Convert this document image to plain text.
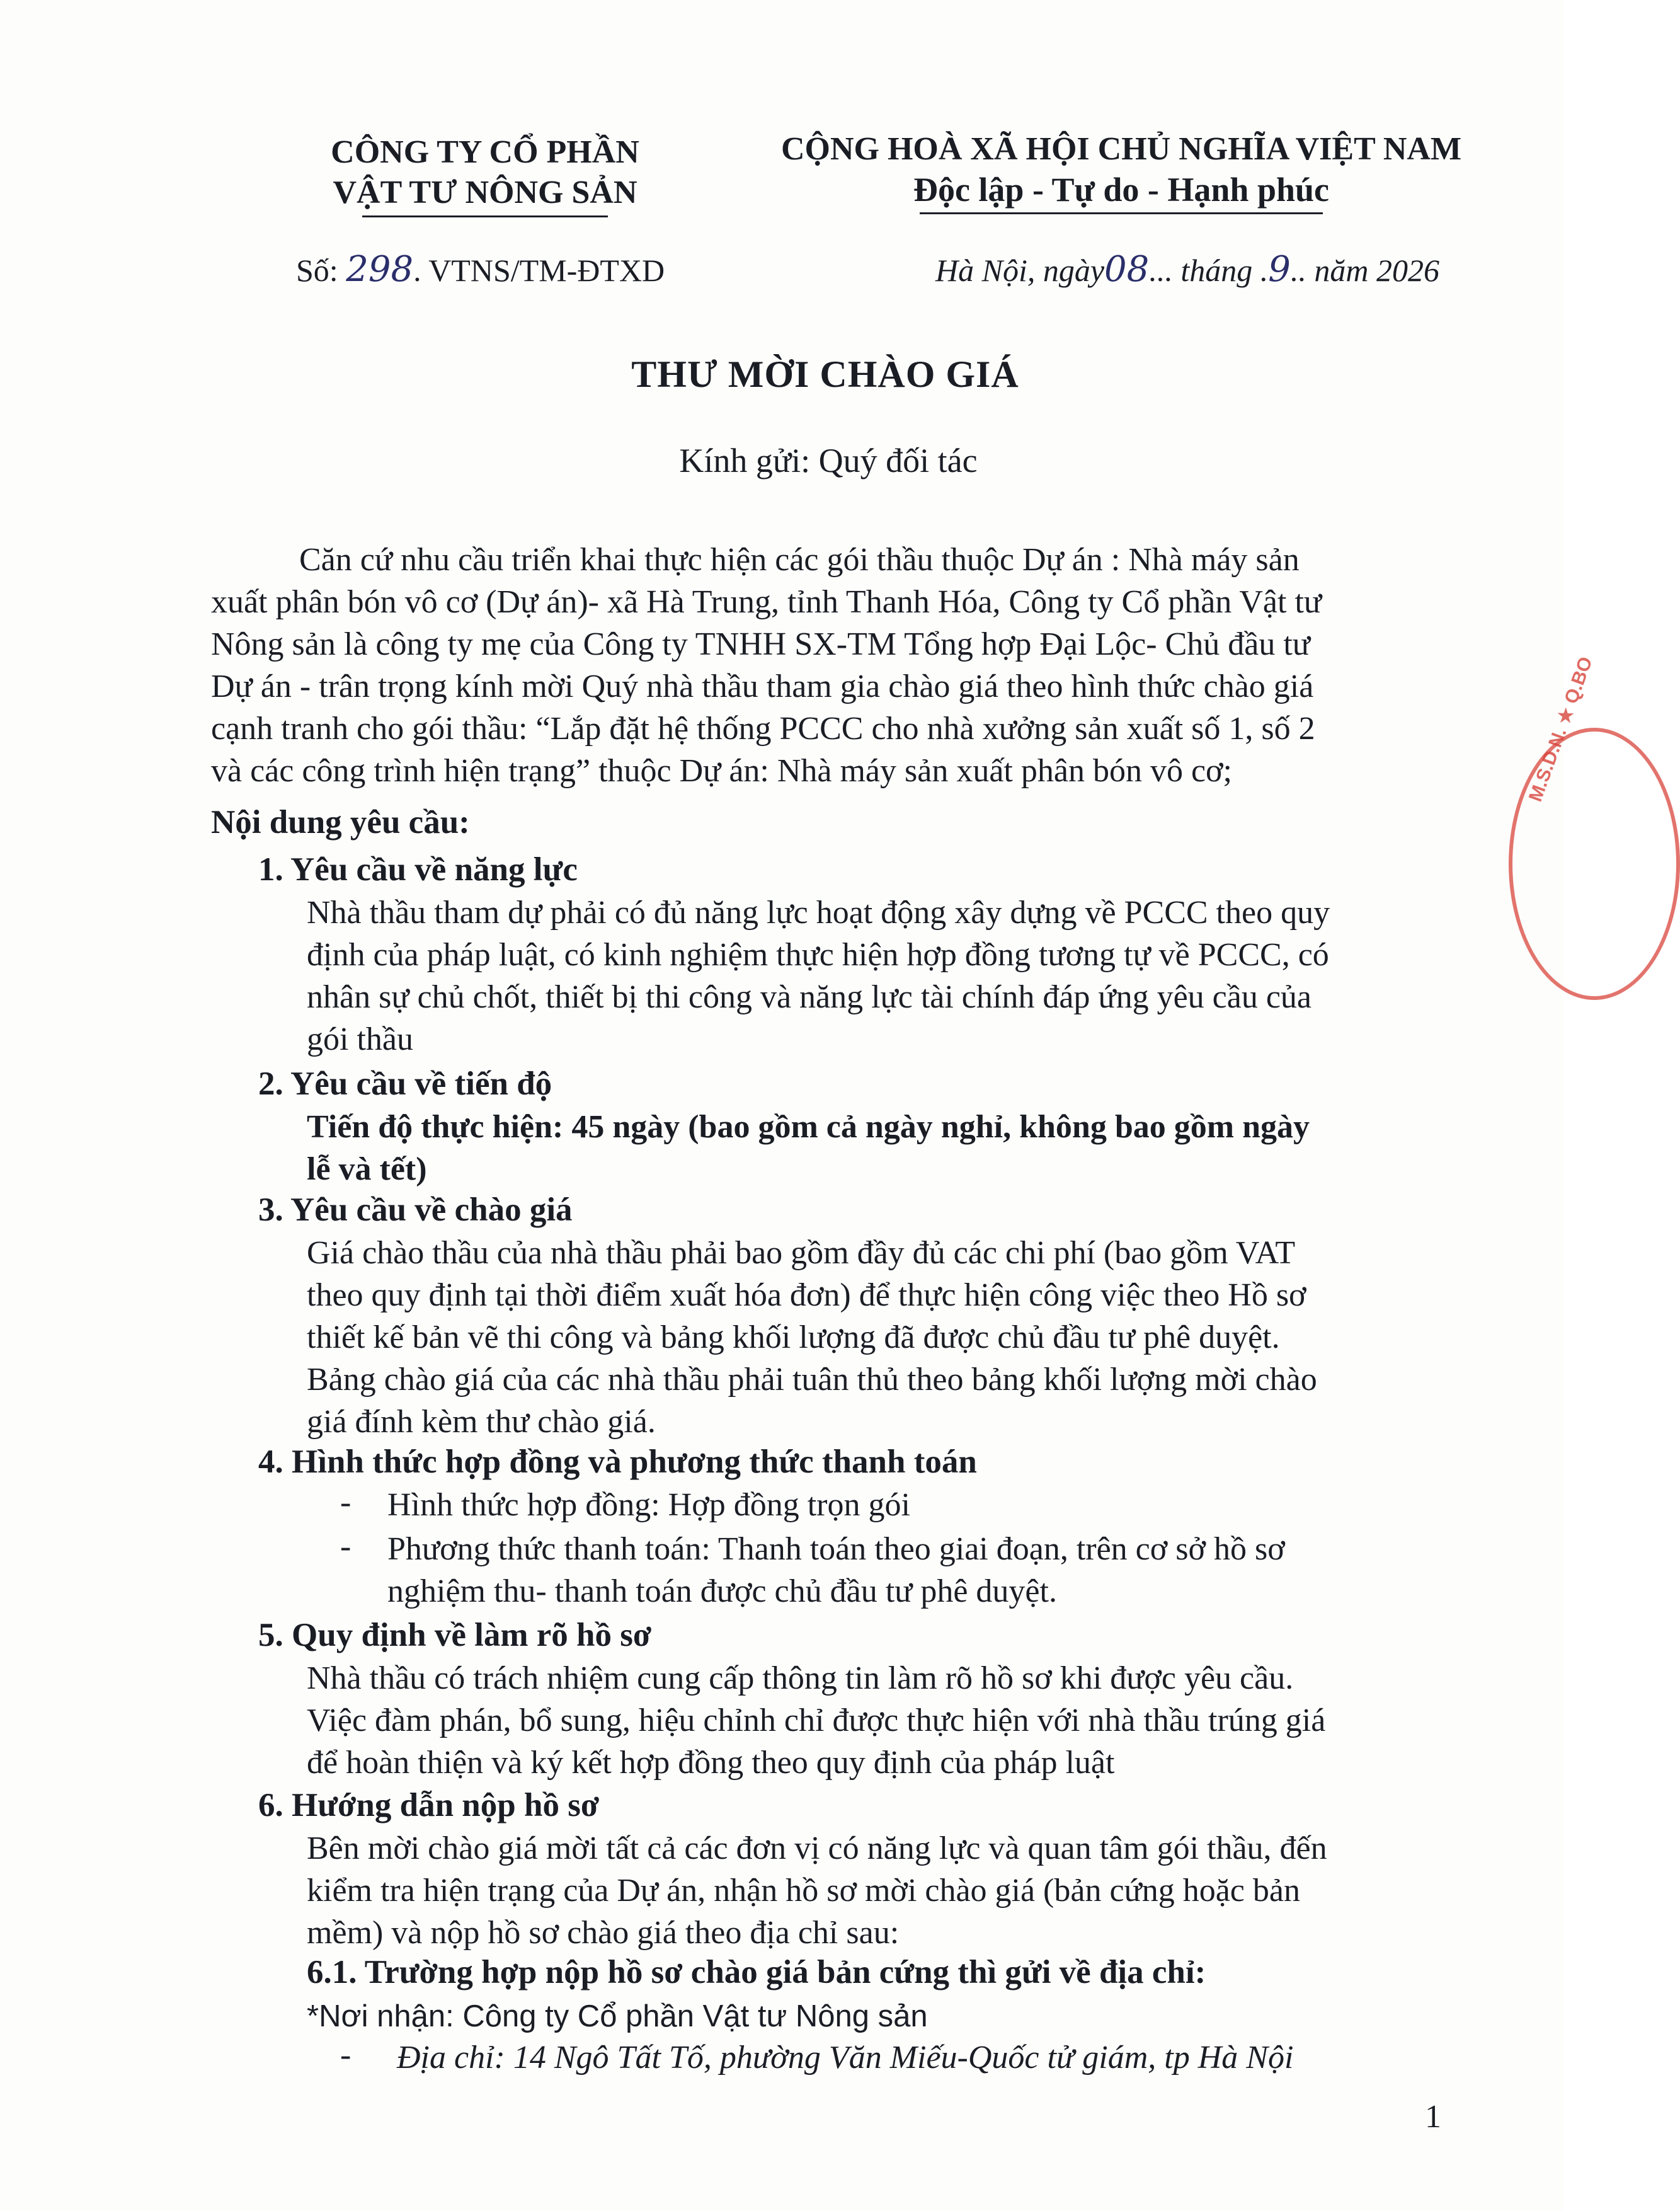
CÔNG TY CỔ PHẦN
VẬT TƯ NÔNG SẢN
CỘNG HOÀ XÃ HỘI CHỦ NGHĨA VIỆT NAM
Độc lập - Tự do - Hạnh phúc
Số: 298. VTNS/TM-ĐTXD	Hà Nội, ngày08... tháng .9.. năm 2026
THƯ MỜI CHÀO GIÁ
Kính gửi: Quý đối tác
Căn cứ nhu cầu triển khai thực hiện các gói thầu thuộc Dự án : Nhà máy sản
xuất phân bón vô cơ (Dự án)- xã Hà Trung, tỉnh Thanh Hóa, Công ty Cổ phần Vật tư
Nông sản là công ty mẹ của Công ty TNHH SX-TM Tổng hợp Đại Lộc- Chủ đầu tư
Dự án - trân trọng kính mời Quý nhà thầu tham gia chào giá theo hình thức chào giá
cạnh tranh cho gói thầu: “Lắp đặt hệ thống PCCC cho nhà xưởng sản xuất số 1, số 2
và các công trình hiện trạng” thuộc Dự án: Nhà máy sản xuất phân bón vô cơ;
Nội dung yêu cầu:
1. Yêu cầu về năng lực
Nhà thầu tham dự phải có đủ năng lực hoạt động xây dựng về PCCC theo quy
định của pháp luật, có kinh nghiệm thực hiện hợp đồng tương tự về PCCC, có
nhân sự chủ chốt, thiết bị thi công và năng lực tài chính đáp ứng yêu cầu của
gói thầu
2. Yêu cầu về tiến độ
Tiến độ thực hiện: 45 ngày (bao gồm cả ngày nghỉ, không bao gồm ngày
lễ và tết)
3. Yêu cầu về chào giá
Giá chào thầu của nhà thầu phải bao gồm đầy đủ các chi phí (bao gồm VAT
theo quy định tại thời điểm xuất hóa đơn) để thực hiện công việc theo Hồ sơ
thiết kế bản vẽ thi công và bảng khối lượng đã được chủ đầu tư phê duyệt.
Bảng chào giá của các nhà thầu phải tuân thủ theo bảng khối lượng mời chào
giá đính kèm thư chào giá.
4. Hình thức hợp đồng và phương thức thanh toán
- Hình thức hợp đồng: Hợp đồng trọn gói
- Phương thức thanh toán: Thanh toán theo giai đoạn, trên cơ sở hồ sơ
nghiệm thu- thanh toán được chủ đầu tư phê duyệt.
5. Quy định về làm rõ hồ sơ
Nhà thầu có trách nhiệm cung cấp thông tin làm rõ hồ sơ khi được yêu cầu.
Việc đàm phán, bổ sung, hiệu chỉnh chỉ được thực hiện với nhà thầu trúng giá
để hoàn thiện và ký kết hợp đồng theo quy định của pháp luật
6. Hướng dẫn nộp hồ sơ
Bên mời chào giá mời tất cả các đơn vị có năng lực và quan tâm gói thầu, đến
kiểm tra hiện trạng của Dự án, nhận hồ sơ mời chào giá (bản cứng hoặc bản
mềm) và nộp hồ sơ chào giá theo địa chỉ sau:
6.1. Trường hợp nộp hồ sơ chào giá bản cứng thì gửi về địa chỉ:
*Nơi nhận: Công ty Cổ phần Vật tư Nông sản
- Địa chỉ: 14 Ngô Tất Tố, phường Văn Miếu-Quốc tử giám, tp Hà Nội
1
M.S.D.N. ★ Q.BO
